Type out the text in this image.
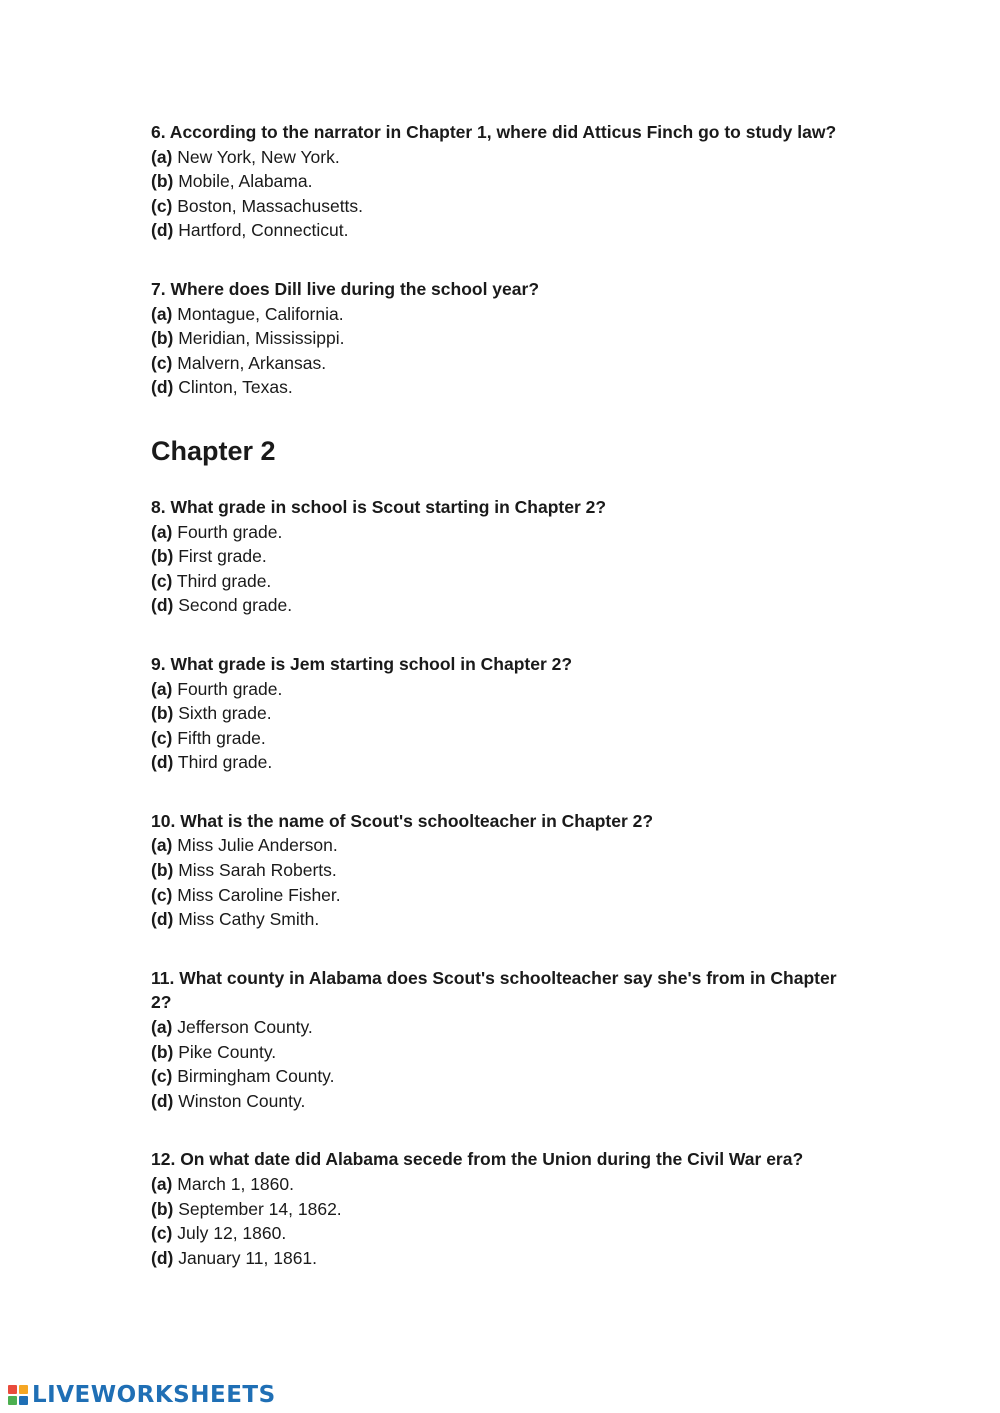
6. According to the narrator in Chapter 1, where did Atticus Finch go to study law?
(a) New York, New York.
(b) Mobile, Alabama.
(c) Boston, Massachusetts.
(d) Hartford, Connecticut.
7. Where does Dill live during the school year?
(a) Montague, California.
(b) Meridian, Mississippi.
(c) Malvern, Arkansas.
(d) Clinton, Texas.
Chapter 2
8. What grade in school is Scout starting in Chapter 2?
(a) Fourth grade.
(b) First grade.
(c) Third grade.
(d) Second grade.
9. What grade is Jem starting school in Chapter 2?
(a) Fourth grade.
(b) Sixth grade.
(c) Fifth grade.
(d) Third grade.
10. What is the name of Scout's schoolteacher in Chapter 2?
(a) Miss Julie Anderson.
(b) Miss Sarah Roberts.
(c) Miss Caroline Fisher.
(d) Miss Cathy Smith.
11. What county in Alabama does Scout's schoolteacher say she's from in Chapter 2?
(a) Jefferson County.
(b) Pike County.
(c) Birmingham County.
(d) Winston County.
12. On what date did Alabama secede from the Union during the Civil War era?
(a) March 1, 1860.
(b) September 14, 1862.
(c) July 12, 1860.
(d) January 11, 1861.
LIVEWORKSHEETS
